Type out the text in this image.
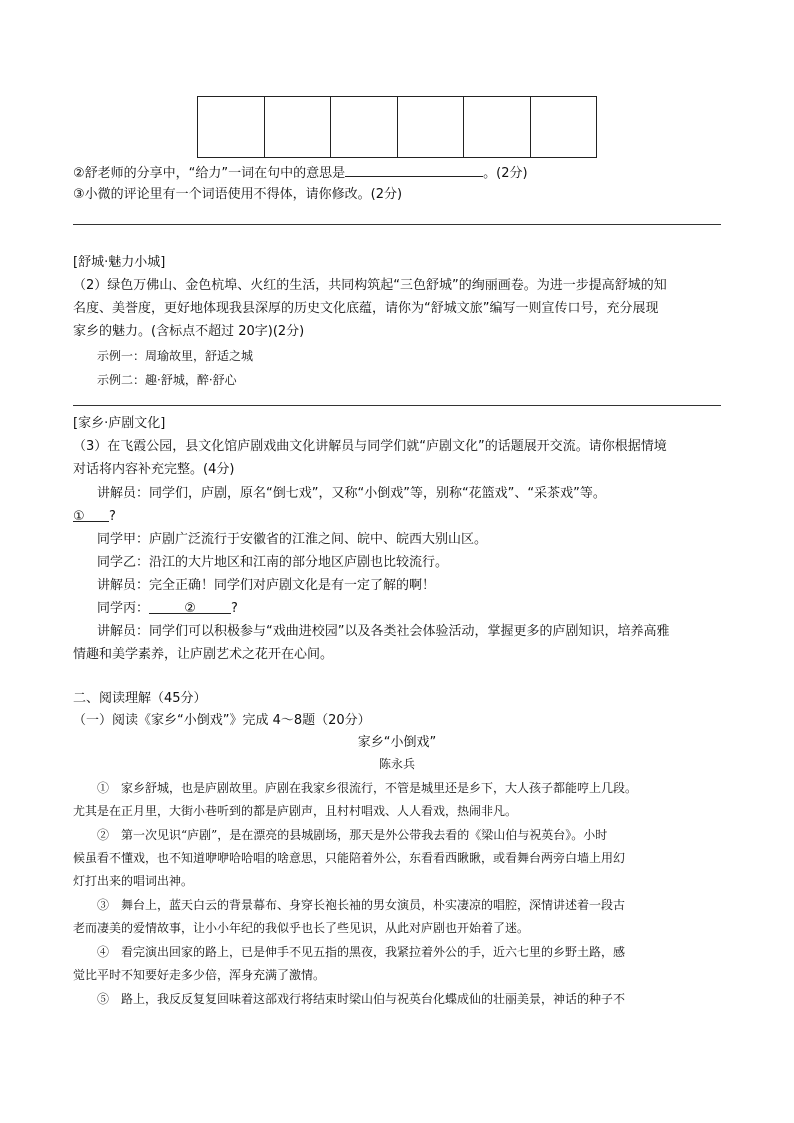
②舒老师的分享中，“给力”一词在句中的意思是	。(2分)
③小微的评论里有一个词语使用不得体，请你修改。(2分)
[舒城·魅力小城]
（2）绿色万佛山、金色杭埠、火红的生活，共同构筑起“三色舒城”的绚丽画卷。为进一步提高舒城的知
名度、美誉度，更好地体现我县深厚的历史文化底蕴，请你为“舒城文旅”编写一则宣传口号，充分展现
家乡的魅力。(含标点不超过 20字)(2分)
示例一：周瑜故里，舒适之城
示例二：趣·舒城，醉·舒心
[家乡·庐剧文化]
（3）在飞霞公园，县文化馆庐剧戏曲文化讲解员与同学们就“庐剧文化”的话题展开交流。请你根据情境
对话将内容补充完整。(4分)
讲解员：同学们，庐剧，原名“倒七戏”，又称“小倒戏”等，别称“花篮戏”、“采茶戏”等。
① ?
同学甲：庐剧广泛流行于安徽省的江淮之间、皖中、皖西大别山区。
同学乙：沿江的大片地区和江南的部分地区庐剧也比较流行。
讲解员：完全正确！同学们对庐剧文化是有一定了解的啊！
同学丙：	②	?
讲解员：同学们可以积极参与“戏曲进校园”以及各类社会体验活动，掌握更多的庐剧知识，培养高雅
情趣和美学素养，让庐剧艺术之花开在心间。
二、阅读理解（45分）
（一）阅读《家乡“小倒戏”》完成 4～8题（20分）
家乡“小倒戏”
陈永兵
①　家乡舒城，也是庐剧故里。庐剧在我家乡很流行，不管是城里还是乡下，大人孩子都能哼上几段。
尤其是在正月里，大街小巷听到的都是庐剧声，且村村唱戏、人人看戏，热闹非凡。
②　第一次见识“庐剧”，是在漂亮的县城剧场，那天是外公带我去看的《梁山伯与祝英台》。小时
候虽看不懂戏，也不知道咿咿哈哈唱的啥意思，只能陪着外公，东看看西瞅瞅，或看舞台两旁白墙上用幻
灯打出来的唱词出神。
③　舞台上，蓝天白云的背景幕布、身穿长袍长袖的男女演员，朴实凄凉的唱腔，深情讲述着一段古
老而凄美的爱情故事，让小小年纪的我似乎也长了些见识，从此对庐剧也开始着了迷。
④　看完演出回家的路上，已是伸手不见五指的黑夜，我紧拉着外公的手，近六七里的乡野土路，感
觉比平时不知要好走多少倍，浑身充满了激情。
⑤　路上，我反反复复回味着这部戏行将结束时梁山伯与祝英台化蝶成仙的壮丽美景，神话的种子不
